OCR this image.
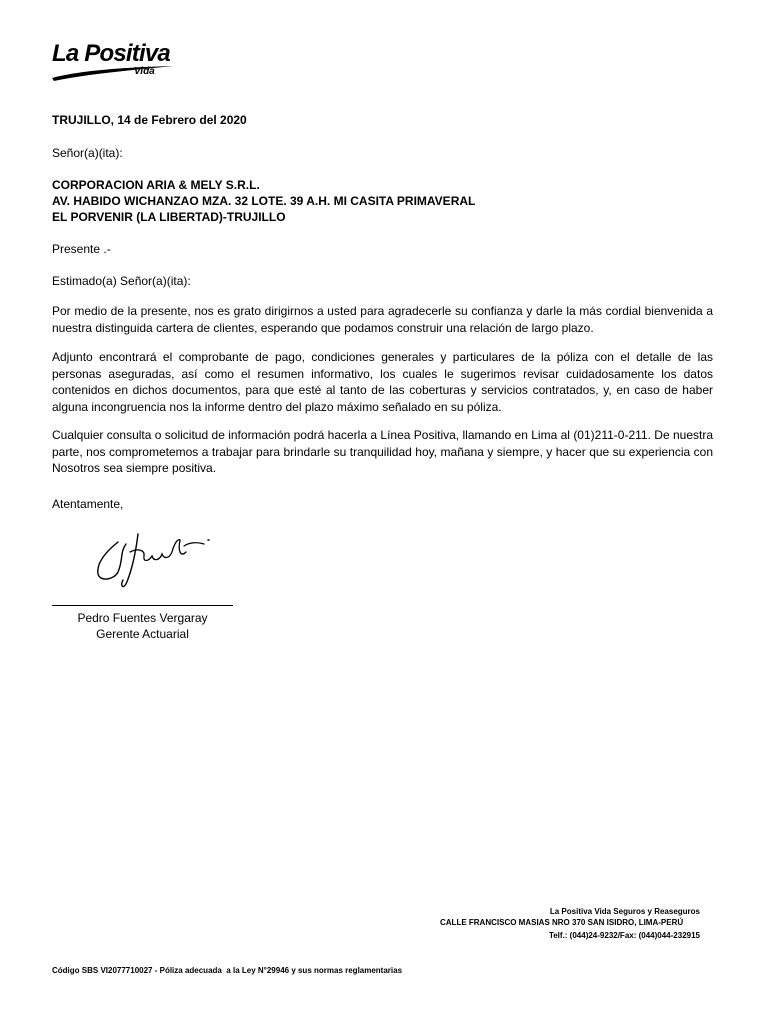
La Positiva
Vida
TRUJILLO, 14 de Febrero del 2020
Señor(a)(ita):
CORPORACION ARIA & MELY S.R.L.
AV. HABIDO WICHANZAO MZA. 32 LOTE. 39 A.H. MI CASITA PRIMAVERAL
EL PORVENIR (LA LIBERTAD)-TRUJILLO
Presente .-
Estimado(a) Señor(a)(ita):

Por medio de la presente, nos es grato dirigirnos a usted para agradecerle su confianza y darle la más cordial bienvenida a nuestra distinguida cartera de clientes, esperando que podamos construir una relación de largo plazo.

Adjunto encontrará el comprobante de pago, condiciones generales y particulares de la póliza con el detalle de las personas aseguradas, así como el resumen informativo, los cuales le sugerimos revisar cuidadosamente los datos contenidos en dichos documentos, para que esté al tanto de las coberturas y servicios contratados, y, en caso de haber alguna incongruencia nos la informe dentro del plazo máximo señalado en su póliza.

Cualquier consulta o solicitud de información podrá hacerla a Línea Positiva, llamando en Lima al (01)211-0-211. De nuestra parte, nos comprometemos a trabajar para brindarle su tranquilidad hoy, mañana y siempre, y hacer que su experiencia con Nosotros sea siempre positiva.

Atentamente,
Pedro Fuentes Vergaray
Gerente Actuarial
La Positiva Vida Seguros y Reaseguros
CALLE FRANCISCO MASIAS NRO 370 SAN ISIDRO, LIMA-PERÚ
Telf.: (044)24-9232/Fax: (044)044-232915
Código SBS VI2077710027 - Póliza adecuada  a la Ley N°29946 y sus normas reglamentarias
